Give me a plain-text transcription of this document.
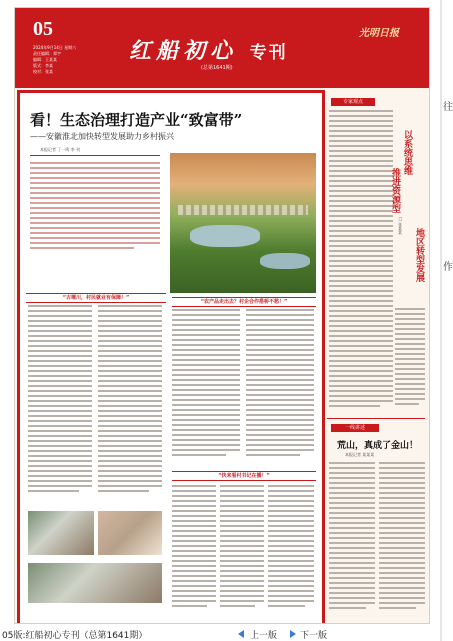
05
2024年9月14日 星期六
责任编辑：郑宇
编辑：王某某
版式：李某
校对：张某
红船初心 专刊
(总第1641期)
光明日报
看！生态治理打造产业“致富带”
——安徽淮北加快转型发展助力乡村振兴
本报记者 丁一鸣 李 刊
“古堰川，村民就业有保障！”
“农产品走出去？村企合作搭桥不愁！”
“快来看村书记在播！”
专家观点
以系统思维
推进资源型
地区转型发展
□ 张某某
一线讲述
荒山，真成了金山！
本报记者 某某某
05版:红船初心专刊（总第1641期）	上一版	下一版
往
作
